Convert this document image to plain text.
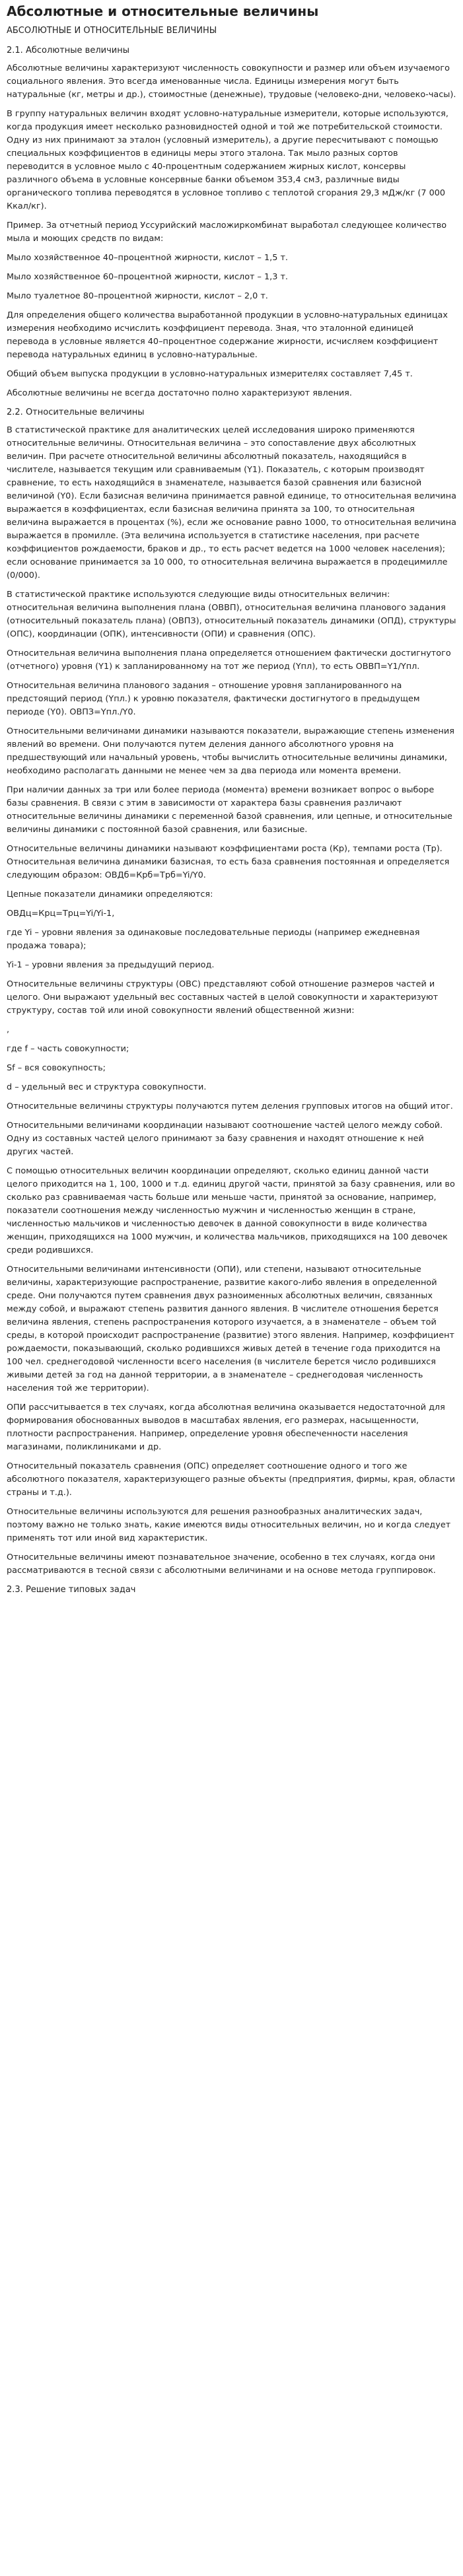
Абсолютные и относительные величины
АБСОЛЮТНЫЕ И ОТНОСИТЕЛЬНЫЕ ВЕЛИЧИНЫ
2.1. Абсолютные величины

Абсолютные величины характеризуют численность совокупности и размер или объем изучаемого социального явления. Это всегда именованные числа. Единицы измерения могут быть натуральные (кг, метры и др.), стоимостные (денежные), трудовые (человеко-дни, человеко-часы).

В группу натуральных величин входят условно-натуральные измерители, которые используются, когда продукция имеет несколько разновидностей одной и той же потребительской стоимости. Одну из них принимают за эталон (условный измеритель), а другие пересчитывают с помощью специальных коэффициентов в единицы меры этого эталона. Так мыло разных сортов переводится в условное мыло с 40-процентным содержанием жирных кислот, консервы различного объема в условные консервные банки объемом 353,4 см3, различные виды органического топлива переводятся в условное топливо с теплотой сгорания 29,3 мДж/кг (7 000 Ккал/кг).

Пример. За отчетный период Уссурийский масложиркомбинат выработал следующее количество мыла и моющих средств по видам:

Мыло хозяйственное 40–процентной жирности, кислот – 1,5 т.

Мыло хозяйственное 60–процентной жирности, кислот – 1,3 т.

Мыло туалетное 80–процентной жирности, кислот – 2,0 т.

Для определения общего количества выработанной продукции в условно-натуральных единицах измерения необходимо исчислить коэффициент перевода. Зная, что эталонной единицей перевода в условные является 40–процентное содержание жирности, исчисляем коэффициент перевода натуральных единиц в условно-натуральные.

Общий объем выпуска продукции в условно-натуральных измерителях составляет 7,45 т.

Абсолютные величины не всегда достаточно полно характеризуют явления.

2.2. Относительные величины

В статистической практике для аналитических целей исследования широко применяются относительные величины. Относительная величина – это сопоставление двух абсолютных величин. При расчете относительной величины абсолютный показатель, находящийся в числителе, называется текущим или сравниваемым (Y1). Показатель, с которым производят сравнение, то есть находящийся в знаменателе, называется базой сравнения или базисной величиной (Y0). Если базисная величина принимается равной единице, то относительная величина выражается в коэффициентах, если базисная величина принята за 100, то относительная величина выражается в процентах (%), если же основание равно 1000, то относительная величина выражается в промилле. (Эта величина используется в статистике населения, при расчете коэффициентов рождаемости, браков и др., то есть расчет ведется на 1000 человек населения); если основание принимается за 10 000, то относительная величина выражается в продецимилле (0/000).

В статистической практике используются следующие виды относительных величин: относительная величина выполнения плана (ОВВП), относительная величина планового задания (относительный показатель плана) (ОВПЗ), относительный показатель динамики (ОПД), структуры (ОПС), координации (ОПК), интенсивности (ОПИ) и сравнения (ОПС).

Относительная величина выполнения плана определяется отношением фактически достигнутого (отчетного) уровня (Y1) к запланированному на тот же период (Yпл), то есть ОВВП=Y1/Yпл.

Относительная величина планового задания – отношение уровня запланированного на предстоящий период (Yпл.) к уровню показателя, фактически достигнутого в предыдущем периоде (Y0). ОВПЗ=Yпл./Y0.

Относительными величинами динамики называются показатели, выражающие степень изменения явлений во времени. Они получаются путем деления данного абсолютного уровня на предшествующий или начальный уровень, чтобы вычислить относительные величины динамики, необходимо располагать данными не менее чем за два периода или момента времени.

При наличии данных за три или более периода (момента) времени возникает вопрос о выборе базы сравнения. В связи с этим в зависимости от характера базы сравнения различают относительные величины динамики с переменной базой сравнения, или цепные, и относительные величины динамики с постоянной базой сравнения, или базисные.

Относительные величины динамики называют коэффициентами роста (Кр), темпами роста (Тр). Относительная величина динамики базисная, то есть база сравнения постоянная и определяется следующим образом: ОВДб=Крб=Трб=Yi/Y0.

Цепные показатели динамики определяются:

ОВДц=Крц=Трц=Yi/Yi-1,

где Yi – уровни явления за одинаковые последовательные периоды (например ежедневная продажа товара);

Yi-1 – уровни явления за предыдущий период.

Относительные величины структуры (ОВС) представляют собой отношение размеров частей и целого. Они выражают удельный вес составных частей в целой совокупности и характеризуют структуру, состав той или иной совокупности явлений общественной жизни:

,

где f – часть совокупности;

Sf – вся совокупность;

d – удельный вес и структура совокупности.

Относительные величины структуры получаются путем деления групповых итогов на общий итог.

Относительными величинами координации называют соотношение частей целого между собой. Одну из составных частей целого принимают за базу сравнения и находят отношение к ней других частей.

С помощью относительных величин координации определяют, сколько единиц данной части целого приходится на 1, 100, 1000 и т.д. единиц другой части, принятой за базу сравнения, или во сколько раз сравниваемая часть больше или меньше части, принятой за основание, например, показатели соотношения между численностью мужчин и численностью женщин в стране, численностью мальчиков и численностью девочек в данной совокупности в виде количества женщин, приходящихся на 1000 мужчин, и количества мальчиков, приходящихся на 100 девочек среди родившихся.

Относительными величинами интенсивности (ОПИ), или степени, называют относительные величины, характеризующие распространение, развитие какого-либо явления в определенной среде. Они получаются путем сравнения двух разноименных абсолютных величин, связанных между собой, и выражают степень развития данного явления. В числителе отношения берется величина явления, степень распространения которого изучается, а в знаменателе – объем той среды, в которой происходит распространение (развитие) этого явления. Например, коэффициент рождаемости, показывающий, сколько родившихся живых детей в течение года приходится на 100 чел. среднегодовой численности всего населения (в числителе берется число родившихся живыми детей за год на данной территории, а в знаменателе – среднегодовая численность населения той же территории).

ОПИ рассчитывается в тех случаях, когда абсолютная величина оказывается недостаточной для формирования обоснованных выводов в масштабах явления, его размерах, насыщенности, плотности распространения. Например, определение уровня обеспеченности населения магазинами, поликлиниками и др.

Относительный показатель сравнения (ОПС) определяет соотношение одного и того же абсолютного показателя, характеризующего разные объекты (предприятия, фирмы, края, области страны и т.д.).

Относительные величины используются для решения разнообразных аналитических задач, поэтому важно не только знать, какие имеются виды относительных величин, но и когда следует применять тот или иной вид характеристик.

Относительные величины имеют познавательное значение, особенно в тех случаях, когда они рассматриваются в тесной связи с абсолютными величинами и на основе метода группировок.

2.3. Решение типовых задач
